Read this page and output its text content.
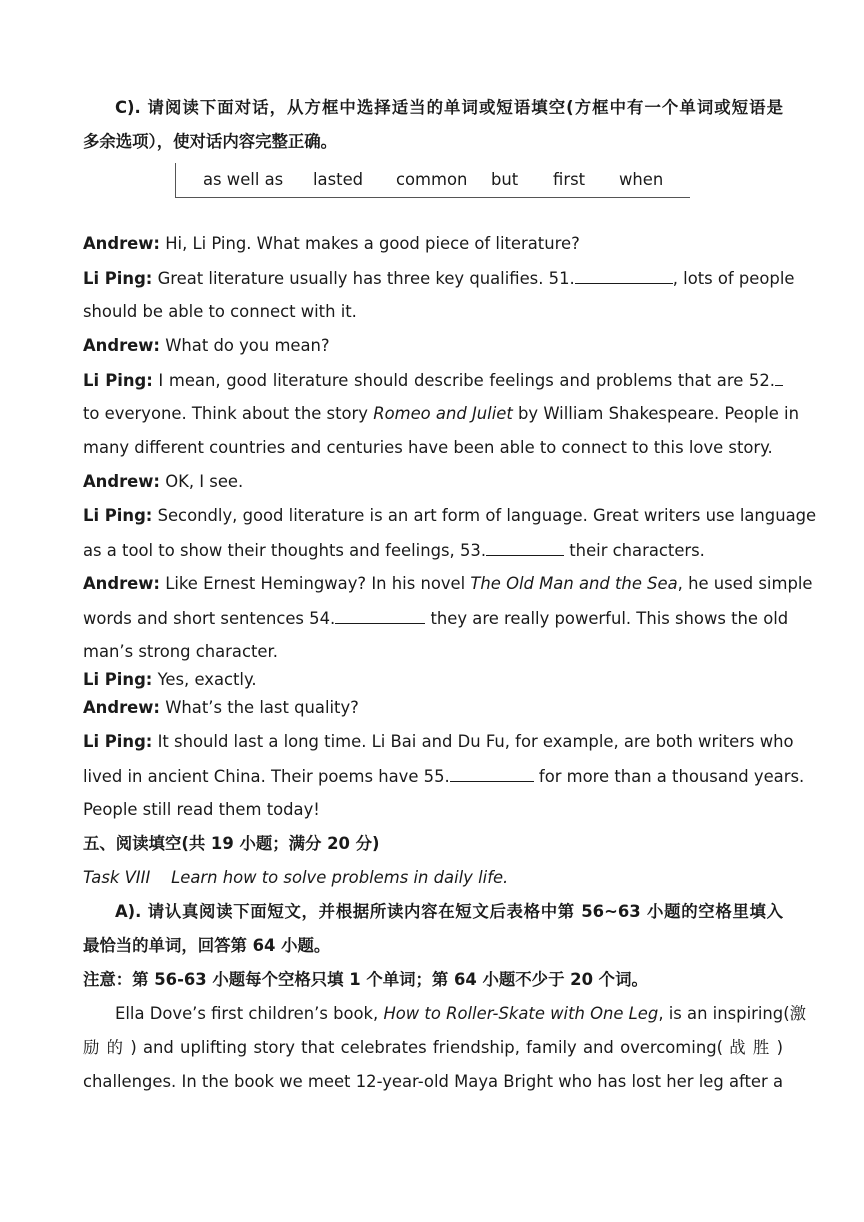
C). 请阅读下面对话，从方框中选择适当的单词或短语填空(方框中有一个单词或短语是
多余选项），使对话内容完整正确。
as well as lasted common but first when
Andrew: Hi, Li Ping. What makes a good piece of literature?
Li Ping: Great literature usually has three key qualifies. 51.	, lots of people
should be able to connect with it.
Andrew: What do you mean?
Li Ping: I mean, good literature should describe feelings and problems that are 52.
to everyone. Think about the story Romeo and Juliet by William Shakespeare. People in
many different countries and centuries have been able to connect to this love story.
Andrew: OK, I see.
Li Ping: Secondly, good literature is an art form of language. Great writers use language
as a tool to show their thoughts and feelings, 53.	their characters.
Andrew: Like Ernest Hemingway? In his novel The Old Man and the Sea, he used simple
words and short sentences 54.	they are really powerful. This shows the old
man’s strong character.
Li Ping: Yes, exactly.
Andrew: What’s the last quality?
Li Ping: It should last a long time. Li Bai and Du Fu, for example, are both writers who
lived in ancient China. Their poems have 55.	for more than a thousand years.
People still read them today!
五、阅读填空(共 19 小题；满分 20 分)
Task VIII    Learn how to solve problems in daily life.
A). 请认真阅读下面短文，并根据所读内容在短文后表格中第 56~63 小题的空格里填入
最恰当的单词，回答第 64 小题。
注意：第 56-63 小题每个空格只填 1 个单词；第 64 小题不少于 20 个词。
Ella Dove’s first children’s book, How to Roller-Skate with One Leg, is an inspiring(激
励 的 ) and uplifting story that celebrates friendship, family and overcoming( 战 胜 )
challenges. In the book we meet 12-year-old Maya Bright who has lost her leg after a
